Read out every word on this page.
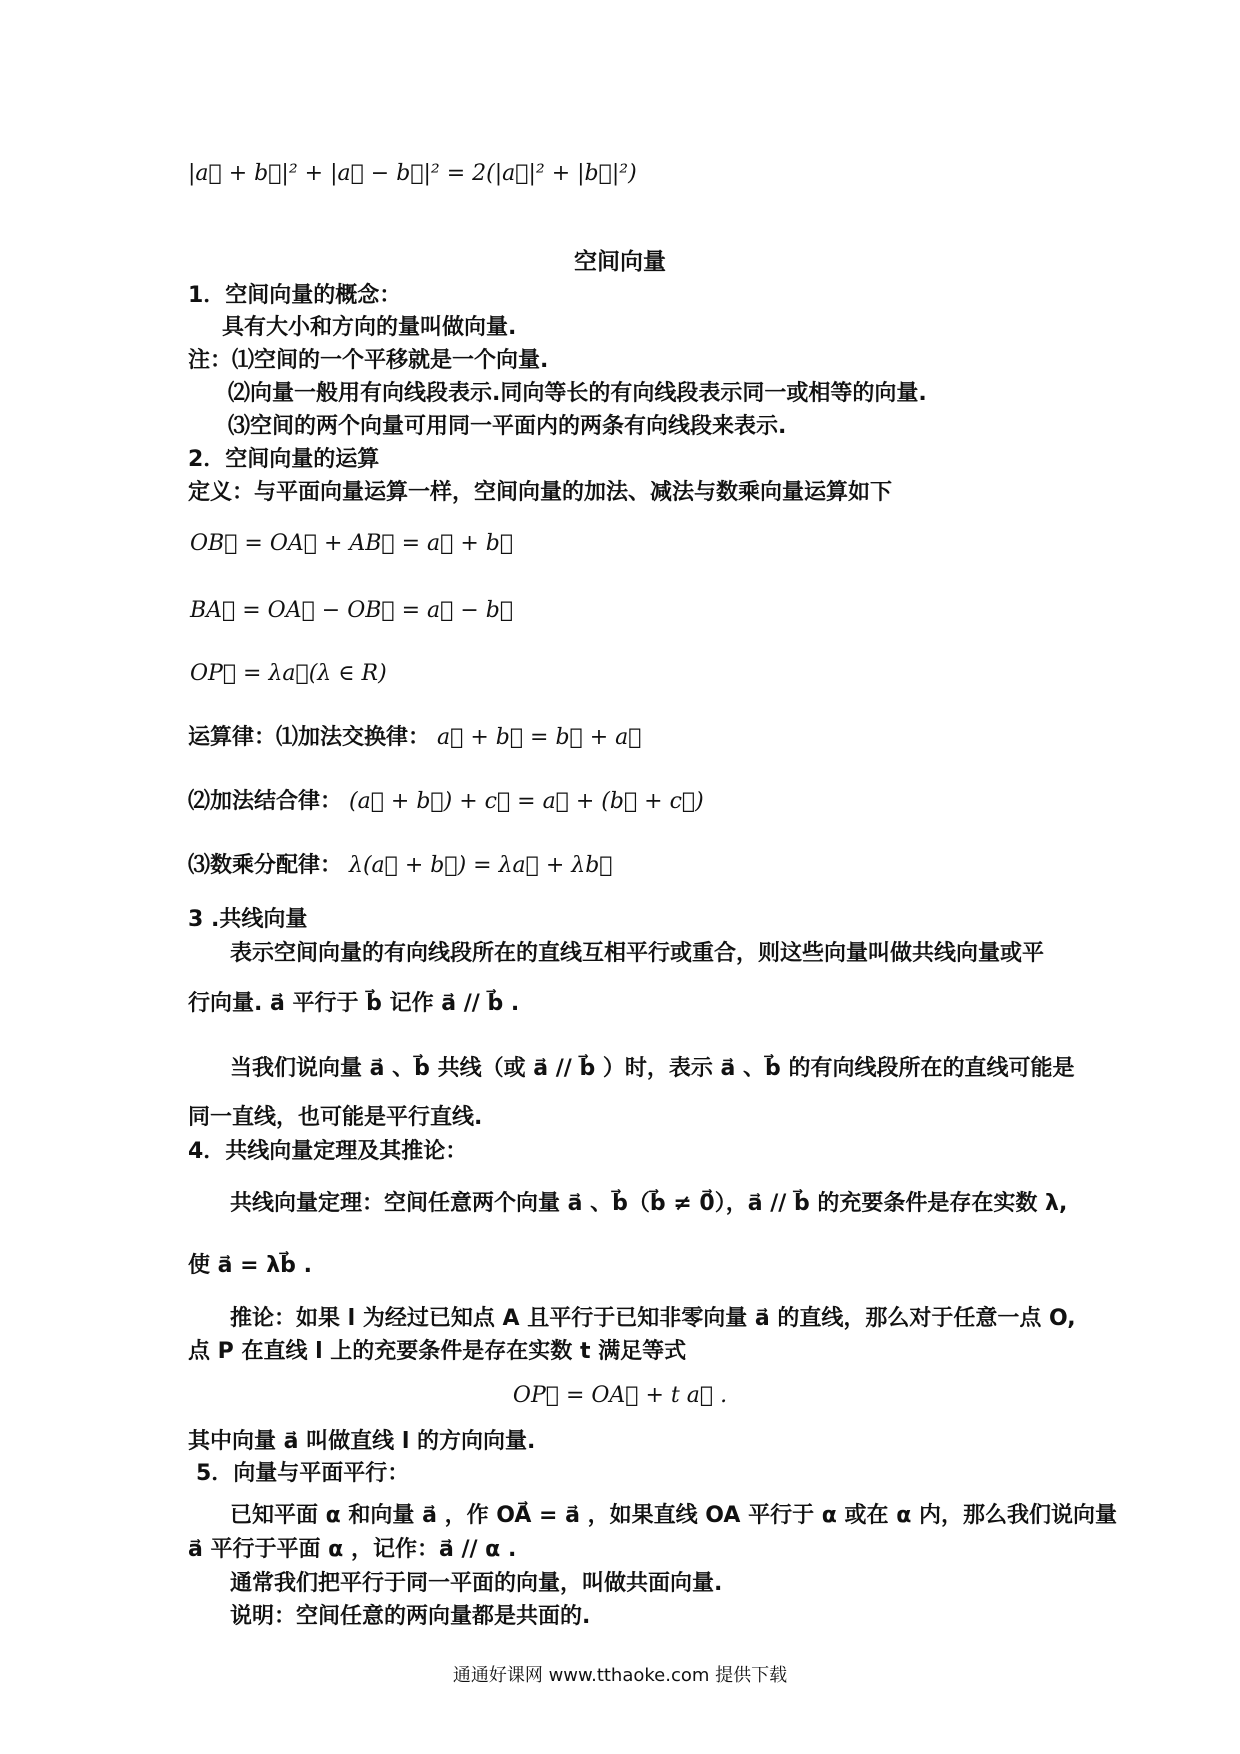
|a⃗ + b⃗|² + |a⃗ − b⃗|² = 2(|a⃗|² + |b⃗|²)
空间向量
1．空间向量的概念：
具有大小和方向的量叫做向量.
注：⑴空间的一个平移就是一个向量.
⑵向量一般用有向线段表示.同向等长的有向线段表示同一或相等的向量.
⑶空间的两个向量可用同一平面内的两条有向线段来表示.
2．空间向量的运算
定义：与平面向量运算一样，空间向量的加法、减法与数乘向量运算如下
OB⃗ = OA⃗ + AB⃗ = a⃗ + b⃗
BA⃗ = OA⃗ − OB⃗ = a⃗ − b⃗
OP⃗ = λa⃗(λ ∈ R)
运算律：⑴加法交换律： a⃗ + b⃗ = b⃗ + a⃗
⑵加法结合律： (a⃗ + b⃗) + c⃗ = a⃗ + (b⃗ + c⃗)
⑶数乘分配律： λ(a⃗ + b⃗) = λa⃗ + λb⃗
3 .共线向量
表示空间向量的有向线段所在的直线互相平行或重合，则这些向量叫做共线向量或平
行向量. a⃗ 平行于 b⃗ 记作 a⃗ // b⃗ .
当我们说向量 a⃗ 、b⃗ 共线（或 a⃗ // b⃗ ）时，表示 a⃗ 、b⃗ 的有向线段所在的直线可能是
同一直线，也可能是平行直线.
4．共线向量定理及其推论：
共线向量定理：空间任意两个向量 a⃗ 、b⃗（b⃗ ≠ 0⃗），a⃗ // b⃗ 的充要条件是存在实数 λ,
使 a⃗ = λb⃗ .
推论：如果 l 为经过已知点 A 且平行于已知非零向量 a⃗ 的直线，那么对于任意一点 O,
点 P 在直线 l 上的充要条件是存在实数 t 满足等式
OP⃗ = OA⃗ + t a⃗ .
其中向量 a⃗ 叫做直线 l 的方向向量.
5．向量与平面平行：
已知平面 α 和向量 a⃗ ，作 OA⃗ = a⃗ ，如果直线 OA 平行于 α 或在 α 内，那么我们说向量
a⃗ 平行于平面 α ，记作：a⃗ // α .
通常我们把平行于同一平面的向量，叫做共面向量.
说明：空间任意的两向量都是共面的.
通通好课网 www.tthaoke.com 提供下载
